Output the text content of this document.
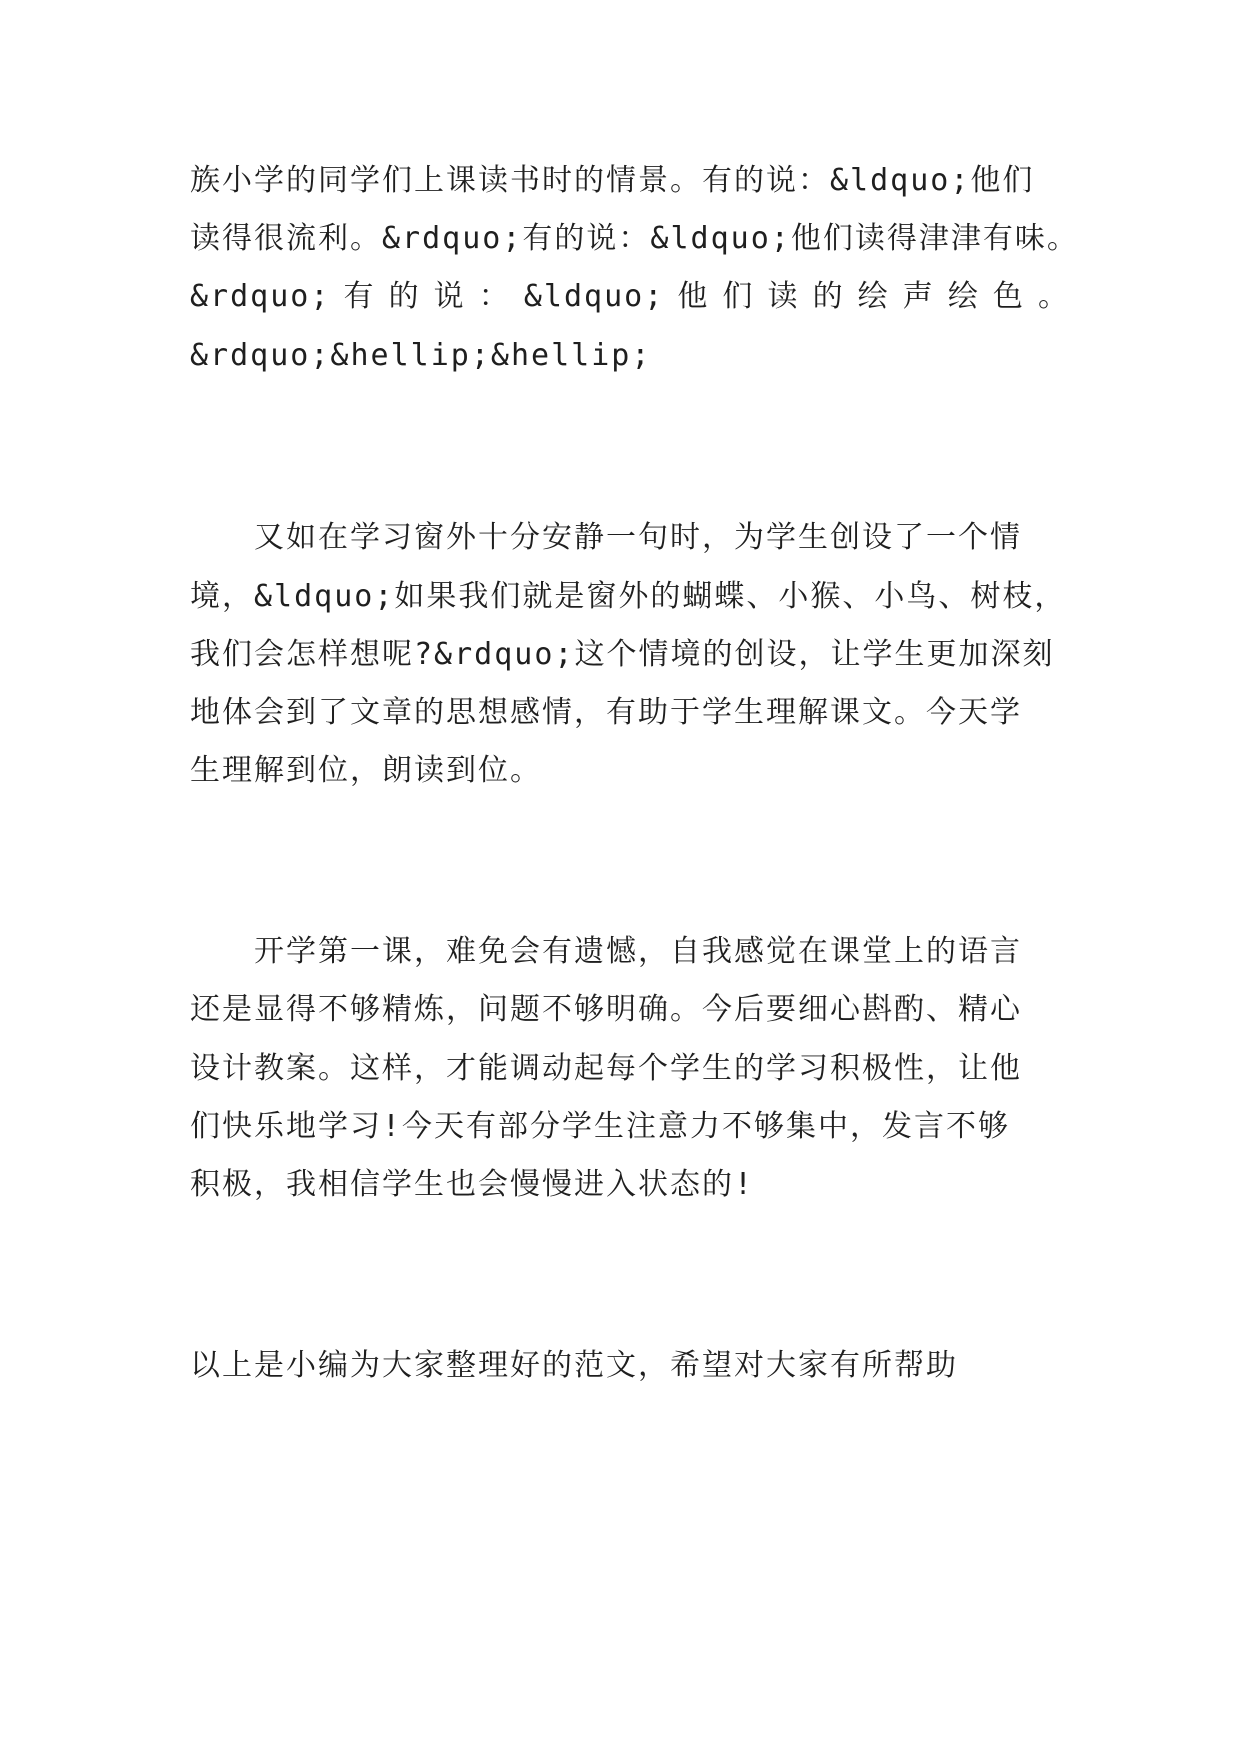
族小学的同学们上课读书时的情景。有的说：&ldquo;他们
读得很流利。&rdquo;有的说：&ldquo;他们读得津津有味。
&rdquo; 有 的 说 ： &ldquo; 他 们 读 的 绘 声 绘 色 。
&rdquo;&hellip;&hellip;
　　又如在学习窗外十分安静一句时，为学生创设了一个情
境，&ldquo;如果我们就是窗外的蝴蝶、小猴、小鸟、树枝，
我们会怎样想呢?&rdquo;这个情境的创设，让学生更加深刻
地体会到了文章的思想感情，有助于学生理解课文。今天学
生理解到位，朗读到位。
　　开学第一课，难免会有遗憾，自我感觉在课堂上的语言
还是显得不够精炼，问题不够明确。今后要细心斟酌、精心
设计教案。这样，才能调动起每个学生的学习积极性，让他
们快乐地学习!今天有部分学生注意力不够集中，发言不够
积极，我相信学生也会慢慢进入状态的!
以上是小编为大家整理好的范文，希望对大家有所帮助
